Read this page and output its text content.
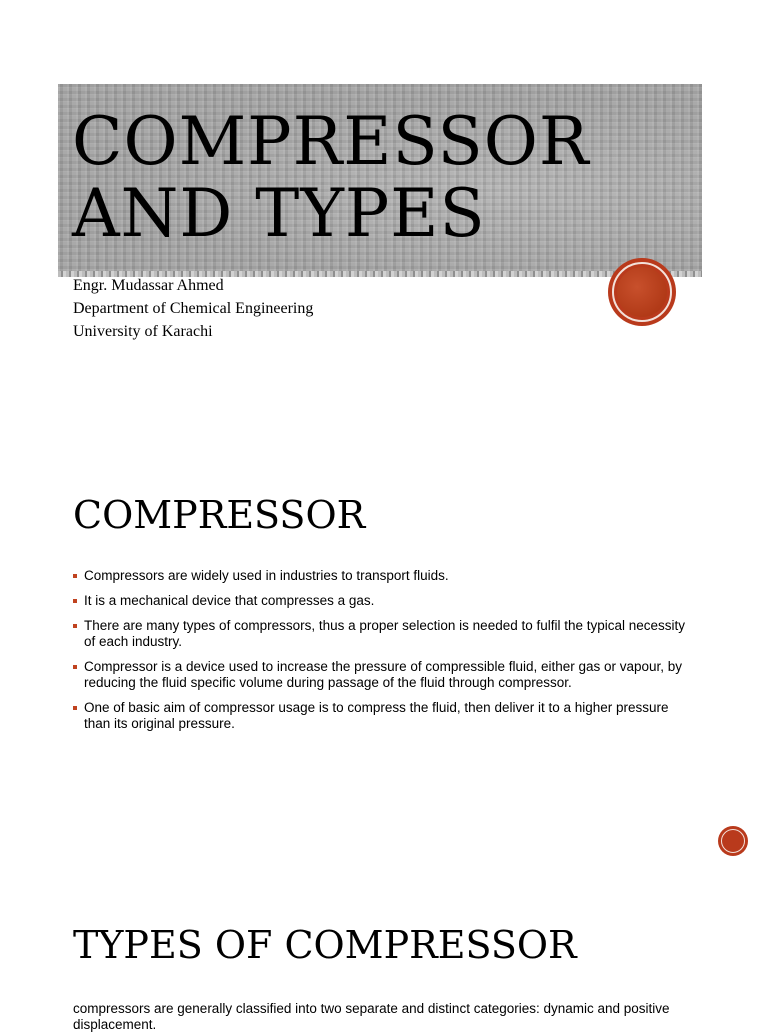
COMPRESSOR
AND TYPES
Engr. Mudassar Ahmed
Department of Chemical Engineering
University of Karachi
COMPRESSOR
Compressors are widely used in industries to transport fluids.
It is a mechanical device that compresses a gas.
There are many types of compressors, thus a proper selection is needed to fulfil the typical necessity of each industry.
Compressor is a device used to increase the pressure of compressible fluid, either gas or vapour, by reducing the fluid specific volume during passage of the fluid through compressor.
One of basic aim of compressor usage is to compress the fluid, then deliver it to a higher pressure than its original pressure.
TYPES OF COMPRESSOR
compressors are generally classified into two separate and distinct categories: dynamic and positive displacement.
